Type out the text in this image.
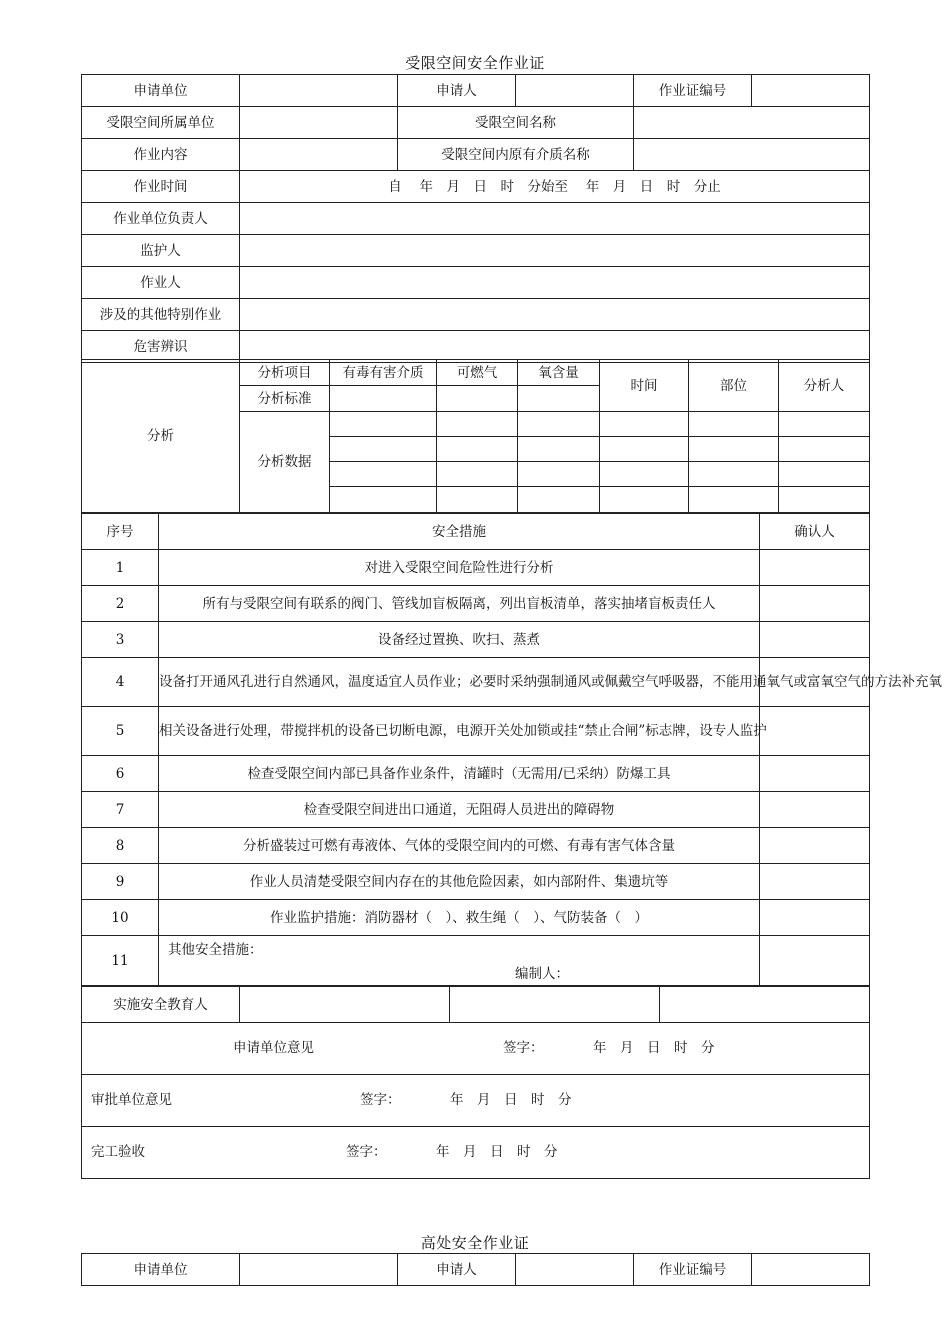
受限空间安全作业证
申请单位		申请人		作业证编号	
受限空间所属单位		受限空间名称			
作业内容		受限空间内原有介质名称			
作业时间	自　 年　月　日　时　分始至　 年　月　日　时　分止				
作业单位负责人					
监护人					
作业人					
涉及的其他特别作业					
危害辨识					
分析	分析项目	有毒有害介质	可燃气	氧含量	时间	部位	分析人
	分析标准						
	分析数据						

序号	安全措施	确认人
1	对进入受限空间危险性进行分析	
2	所有与受限空间有联系的阀门、管线加盲板隔离，列出盲板清单，落实抽堵盲板责任人	
3	设备经过置换、吹扫、蒸煮	
4	设备打开通风孔进行自然通风，温度适宜人员作业；必要时采纳强制通风或佩戴空气呼吸器，不能用通氧气或富氧空气的方法补充氧	
5	相关设备进行处理，带搅拌机的设备已切断电源，电源开关处加锁或挂“禁止合闸”标志牌，设专人监护	
6	检查受限空间内部已具备作业条件，清罐时（无需用/已采纳）防爆工具	
7	检查受限空间进出口通道，无阻碍人员进出的障碍物	
8	分析盛装过可燃有毒液体、气体的受限空间内的可燃、有毒有害气体含量	
9	作业人员清楚受限空间内存在的其他危险因素，如内部附件、集遗坑等	
10	作业监护措施：消防器材（　）、救生绳（　）、气防装备（　）	
11	其他安全措施：
编制人：	

实施安全教育人			

申请单位意见	签字：	年　月　日　时　分

审批单位意见	签字：	年　月　日　时　分

完工验收	签字：	年　月　日　时　分
高处安全作业证
申请单位		申请人		作业证编号	
